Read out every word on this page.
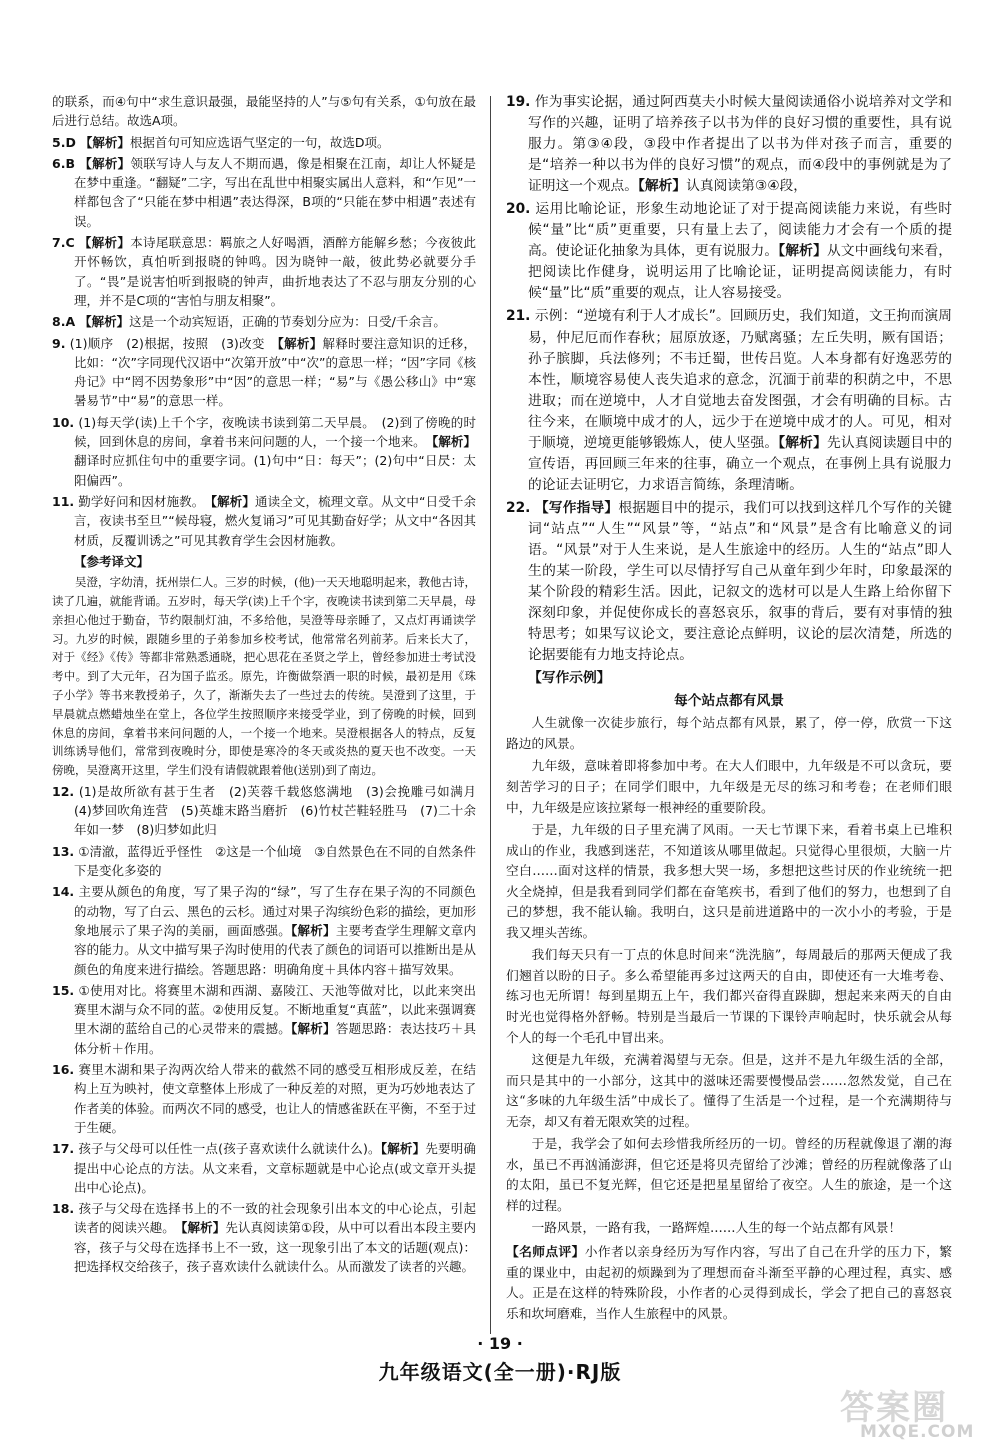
的联系，而④句中“求生意识最强，最能坚持的人”与⑤句有关系，①句放在最后进行总结。故选A项。

5.D 【解析】根据首句可知应选语气坚定的一句，故选D项。

6.B 【解析】领联写诗人与友人不期而遇，像是相聚在江南，却让人怀疑是在梦中重逢。“翻疑”二字，写出在乱世中相聚实属出人意料，和“乍见”一样都包含了“只能在梦中相遇”表达得深，B项的“只能在梦中相遇”表述有误。

7.C 【解析】本诗尾联意思：羁旅之人好喝酒，酒醉方能解乡愁；今夜彼此开怀畅饮，真怕听到报晓的钟鸣。因为晓钟一敲，彼此势必就要分手了。“畏”是说害怕听到报晓的钟声，曲折地表达了不忍与朋友分别的心理，并不是C项的“害怕与朋友相聚”。

8.A 【解析】这是一个动宾短语，正确的节奏划分应为：日受/千余言。

9. (1)顺序　(2)根据，按照　(3)改变　【解析】解释时要注意知识的迁移，比如：“次”字同现代汉语中“次第开放”中“次”的意思一样；“因”字同《核舟记》中“罔不因势象形”中“因”的意思一样；“易”与《愚公移山》中“寒暑易节”中“易”的意思一样。

10. (1)每天学(读)上千个字，夜晚读书读到第二天早晨。　(2)到了傍晚的时候，回到休息的房间，拿着书来问问题的人，一个接一个地来。　【解析】翻译时应抓住句中的重要字词。(1)句中“日：每天”；(2)句中“日昃：太阳偏西”。

11. 勤学好问和因材施教。　【解析】通读全文，梳理文章。从文中“日受千余言，夜读书至旦”“候母寝，燃火复诵习”可见其勤奋好学；从文中“各因其材质，反覆训诱之”可见其教育学生会因材施教。

【参考译文】

吴澄，字幼清，抚州崇仁人。三岁的时候，(他)一天天地聪明起来，教他古诗，读了几遍，就能背诵。五岁时，每天学(读)上千个字，夜晚读书读到第二天早晨，母亲担心他过于勤奋，节约限制灯油，不多给他，吴澄等母亲睡了，又点灯再诵读学习。九岁的时候，跟随乡里的子弟参加乡校考试，他常常名列前茅。后来长大了，对于《经》《传》等都非常熟悉通晓，把心思花在圣贤之学上，曾经参加进士考试没考中。到了大元年，召为国子监丞。原先，许衡做祭酒一职的时候，最初是用《珠子小学》等书来教授弟子，久了，渐渐失去了一些过去的传统。吴澄到了这里，于早晨就点燃蜡烛坐在堂上，各位学生按照顺序来接受学业，到了傍晚的时候，回到休息的房间，拿着书来问问题的人，一个接一个地来。吴澄根据各人的特点，反复训练诱导他们，常常到夜晚时分，即使是寒冷的冬天或炎热的夏天也不改变。一天傍晚，吴澄离开这里，学生们没有请假就跟着他(送别)到了南边。

12. (1)是故所欲有甚于生者　(2)芙蓉千载悠悠满地　(3)会挽雕弓如满月　(4)梦回吹角连营　(5)英雄末路当磨折　(6)竹杖芒鞋轻胜马　(7)二十余年如一梦　(8)归梦如此归

13. ①清澈，蓝得近乎怪性　②这是一个仙境　③自然景色在不同的自然条件下是变化多姿的

14. 主要从颜色的角度，写了果子沟的“绿”，写了生存在果子沟的不同颜色的动物，写了白云、黑色的云杉。通过对果子沟缤纷色彩的描绘，更加形象地展示了果子沟的美丽，画面感强。【解析】主要考查学生理解文章内容的能力。从文中描写果子沟时使用的代表了颜色的词语可以推断出是从颜色的角度来进行描绘。答题思路：明确角度＋具体内容＋描写效果。

15. ①使用对比。将赛里木湖和西湖、嘉陵江、天池等做对比，以此来突出赛里木湖与众不同的蓝。②使用反复。不断地重复“真蓝”，以此来强调赛里木湖的蓝给自己的心灵带来的震撼。【解析】答题思路：表达技巧＋具体分析＋作用。

16. 赛里木湖和果子沟两次给人带来的截然不同的感受互相形成反差，在结构上互为映衬，使文章整体上形成了一种反差的对照，更为巧妙地表达了作者美的体验。而两次不同的感受，也让人的情感雀跃在平衡，不至于过于生硬。

17. 孩子与父母可以任性一点(孩子喜欢读什么就读什么)。【解析】先要明确提出中心论点的方法。从文来看，文章标题就是中心论点(或文章开头提出中心论点)。

18. 孩子与父母在选择书上的不一致的社会现象引出本文的中心论点，引起读者的阅读兴趣。　【解析】先认真阅读第①段，从中可以看出本段主要内容，孩子与父母在选择书上不一致，这一现象引出了本文的话题(观点)：把选择权交给孩子，孩子喜欢读什么就读什么。从而激发了读者的兴趣。

19. 作为事实论据，通过阿西莫夫小时候大量阅读通俗小说培养对文学和写作的兴趣，证明了培养孩子以书为伴的良好习惯的重要性，具有说服力。第③④段，③段中作者提出了以书为伴对孩子而言，重要的是“培养一种以书为伴的良好习惯”的观点，而④段中的事例就是为了证明这一个观点。【解析】认真阅读第③④段，

20. 运用比喻论证，形象生动地论证了对于提高阅读能力来说，有些时候“量”比“质”更重要，只有量上去了，阅读能力才会有一个质的提高。使论证化抽象为具体，更有说服力。【解析】从文中画线句来看，把阅读比作健身，说明运用了比喻论证，证明提高阅读能力，有时候“量”比“质”重要的观点，让人容易接受。

21. 示例：“逆境有利于人才成长”。回顾历史，我们知道，文王拘而演周易，仲尼厄而作春秋；屈原放逐，乃赋离骚；左丘失明，厥有国语；孙子膑脚，兵法修列；不韦迁蜀，世传吕览。人本身都有好逸恶劳的本性，顺境容易使人丧失追求的意念，沉湎于前辈的积荫之中，不思进取；而在逆境中，人才自觉地去奋发图强，才会有明确的目标。古往今来，在顺境中成才的人，远少于在逆境中成才的人。可见，相对于顺境，逆境更能够锻炼人，使人坚强。【解析】先认真阅读题目中的宣传语，再回顾三年来的往事，确立一个观点，在事例上具有说服力的论证去证明它，力求语言简练，条理清晰。

22. 【写作指导】根据题目中的提示，我们可以找到这样几个写作的关键词“站点”“人生”“风景”等，“站点”和“风景”是含有比喻意义的词语。“风景”对于人生来说，是人生旅途中的经历。人生的“站点”即人生的某一阶段，学生可以尽情抒写自己从童年到少年时，印象最深的某个阶段的精彩生活。因此，记叙文的选材可以是人生路上给你留下深刻印象，并促使你成长的喜怒哀乐，叙事的背后，要有对事情的独特思考；如果写议论文，要注意论点鲜明，议论的层次清楚，所选的论据要能有力地支持论点。

【写作示例】
每个站点都有风景

人生就像一次徒步旅行，每个站点都有风景，累了，停一停，欣赏一下这路边的风景。

九年级，意味着即将参加中考。在大人们眼中，九年级是不可以贪玩，要刻苦学习的日子；在同学们眼中，九年级是无尽的练习和考卷；在老师们眼中，九年级是应该拉紧每一根神经的重要阶段。

于是，九年级的日子里充满了风雨。一天七节课下来，看着书桌上已堆积成山的作业，我感到迷茫，不知道该从哪里做起。只觉得心里很烦，大脑一片空白……面对这样的情景，我多想大哭一场，多想把这些讨厌的作业统统一把火全烧掉，但是我看到同学们都在奋笔疾书，看到了他们的努力，也想到了自己的梦想，我不能认输。我明白，这只是前进道路中的一次小小的考验，于是我又埋头苦练。

我们每天只有一丁点的休息时间来“洗洗脑”，每周最后的那两天便成了我们翘首以盼的日子。多么希望能再多过这两天的自由，即使还有一大堆考卷、练习也无所谓！每到星期五上午，我们都兴奋得直跺脚，想起来来两天的自由时光也觉得格外舒畅。特别是当最后一节课的下课铃声响起时，快乐就会从每个人的每一个毛孔中冒出来。

这便是九年级，充满着渴望与无奈。但是，这并不是九年级生活的全部，而只是其中的一小部分，这其中的滋味还需要慢慢品尝……忽然发觉，自己在这“多味的九年级生活”中成长了。懂得了生活是一个过程，是一个充满期待与无奈，却又有着无限欢笑的过程。

于是，我学会了如何去珍惜我所经历的一切。曾经的历程就像退了潮的海水，虽已不再汹涌澎湃，但它还是将贝壳留给了沙滩；曾经的历程就像落了山的太阳，虽已不复光辉，但它还是把星星留给了夜空。人生的旅途，是一个这样的过程。

一路风景，一路有我，一路辉煌……人生的每一个站点都有风景！

【名师点评】小作者以亲身经历为写作内容，写出了自己在升学的压力下，繁重的课业中，由起初的烦躁到为了理想而奋斗渐至平静的心理过程，真实、感人。正是在这样的特殊阶段，小作者的心灵得到成长，学会了把自己的喜怒哀乐和坎坷磨难，当作人生旅程中的风景。

· 19 ·
九年级语文(全一册)·RJ版
答案圈
MXQE.COM
